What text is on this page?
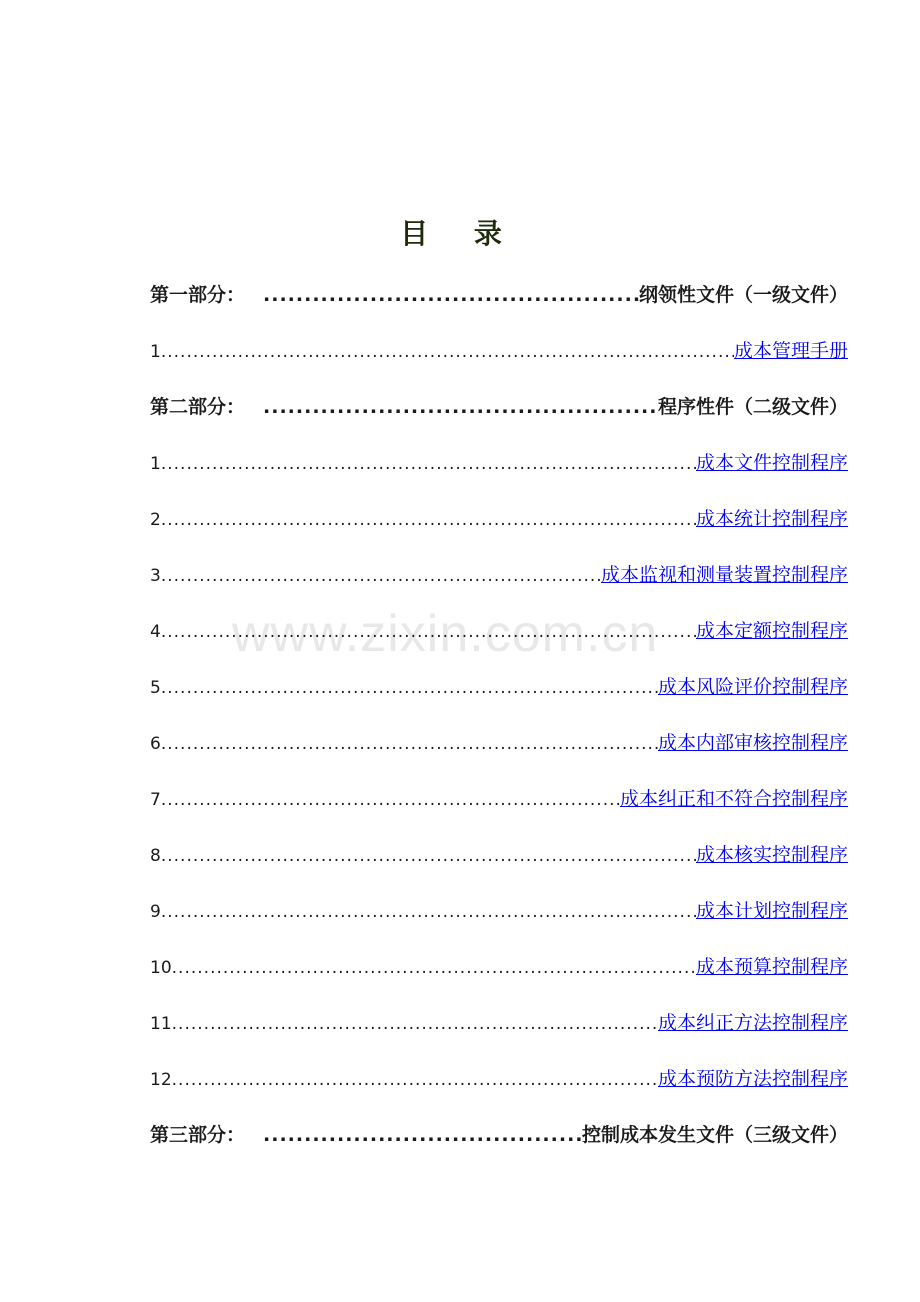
目 录
www.zixin.com.cn
第一部分： .....	纲领性文件（一级文件）
1 .....	成本管理手册
第二部分： .....	程序性件（二级文件）
1 .....	成本文件控制程序
2 .....	成本统计控制程序
3 .....	成本监视和测量装置控制程序
4 .....	成本定额控制程序
5 .....	成本风险评价控制程序
6 .....	成本内部审核控制程序
7 .....	成本纠正和不符合控制程序
8 .....	成本核实控制程序
9 .....	成本计划控制程序
10 .....	成本预算控制程序
11 .....	成本纠正方法控制程序
12 .....	成本预防方法控制程序
第三部分： .....	控制成本发生文件（三级文件）
